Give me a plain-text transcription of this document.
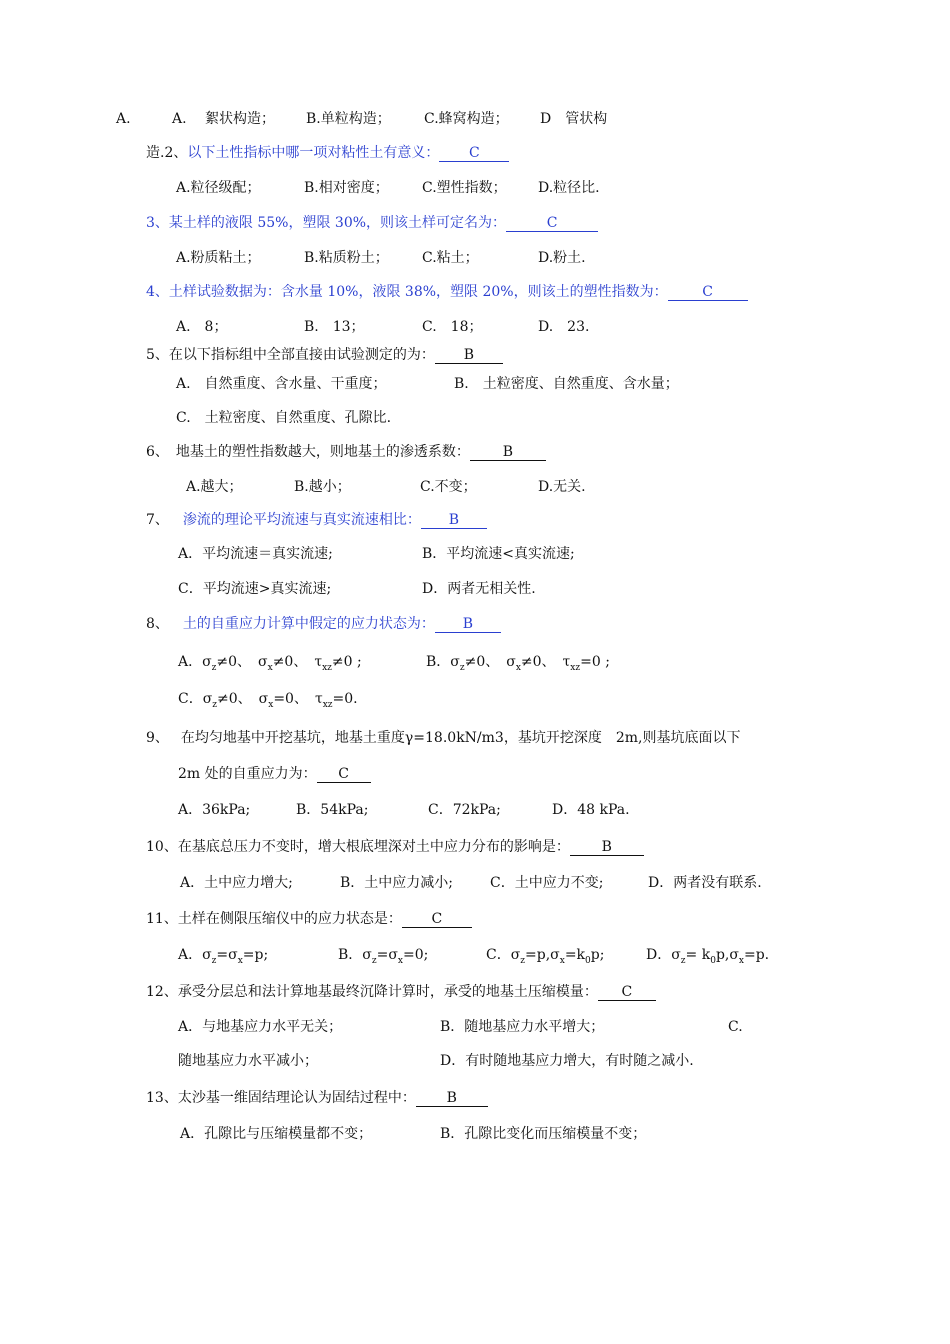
A.	A.　 絮状构造； B.单粒构造； C.蜂窝构造； D　管状构
造.2、以下土性指标中哪一项对粘性土有意义： C
A.粒径级配；	B.相对密度； C.塑性指数； D.粒径比.
3、某土样的液限 55%，塑限 30%，则该土样可定名为：	C
A.粉质粘土；	B.粘质粉土； C.粘土；	D.粉土.
4、土样试验数据为：含水量 10%，液限 38%，塑限 20%，则该土的塑性指数为： C
A.　8；	B.　13；	C.　18；	D.　23.
5、在以下指标组中全部直接由试验测定的为： B
A.　自然重度、含水量、干重度；	B.　土粒密度、自然重度、含水量；
C.　土粒密度、自然重度、孔隙比.
6、　地基土的塑性指数越大，则地基土的渗透系数： B
A.越大；	B.越小；	C.不变；	D.无关.
7、 渗流的理论平均流速与真实流速相比： B
A．平均流速＝真实流速;	B．平均流速<真实流速;
C．平均流速>真实流速;	D．两者无相关性.
8、 土的自重应力计算中假定的应力状态为： B
A．$\sigma_z\ne 0$、　$\sigma_x\ne 0$、　$\tau_{xz}\ne 0$ ;	B．$\sigma_z\ne 0$、　$\sigma_x\ne 0$、　$\tau_{xz}=0$ ;
C．$\sigma_z\ne 0$、　$\sigma_x=0$、　$\tau_{xz}=0$.
9、 在均匀地基中开挖基坑，地基土重度γ=18.0kN/m3，基坑开挖深度　2m,则基坑底面以下
2m 处的自重应力为： C
A．36kPa;	B．54kPa;	C．72kPa;	D．48 kPa.
10、在基底总压力不变时，增大根底埋深对土中应力分布的影响是： B
A．土中应力增大;	B．土中应力减小;	C．土中应力不变;	D．两者没有联系.
11、土样在侧限压缩仪中的应力状态是： C
A．$\sigma_z=\sigma_x=p$;	B．$\sigma_z=\sigma_x=0$;	C．$\sigma_z=p,\sigma_x=k_0p$;	D．$\sigma_z= k_0p,\sigma_x=p$.
12、承受分层总和法计算地基最终沉降计算时，承受的地基土压缩模量： C
A．与地基应力水平无关；	B．随地基应力水平增大；	C.
随地基应力水平减小；	D．有时随地基应力增大，有时随之减小.
13、太沙基一维固结理论认为固结过程中： B
A．孔隙比与压缩模量都不变；	B．孔隙比变化而压缩模量不变；
